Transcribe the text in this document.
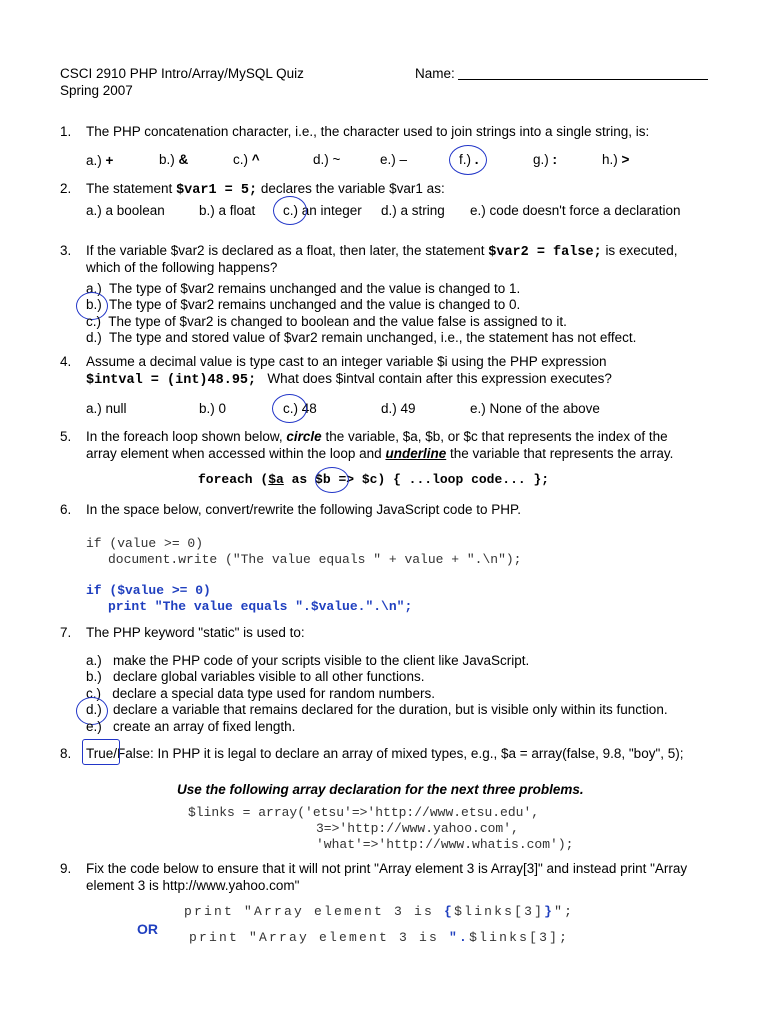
CSCI 2910 PHP Intro/Array/MySQL Quiz
Spring 2007
Name:
1. The PHP concatenation character, i.e., the character used to join strings into a single string, is:
a.) +	b.) &	c.) ^	d.) ~	e.) –	f.) .	g.) :	h.) >
2. The statement $var1 = 5; declares the variable $var1 as:
a.) a boolean	b.) a float c.) an integer d.) a string e.) code doesn't force a declaration
3. If the variable $var2 is declared as a float, then later, the statement $var2 = false; is executed,
which of the following happens?
a.) The type of $var2 remains unchanged and the value is changed to 1.
b.) The type of $var2 remains unchanged and the value is changed to 0.
c.) The type of $var2 is changed to boolean and the value false is assigned to it.
d.) The type and stored value of $var2 remain unchanged, i.e., the statement has not effect.
4. Assume a decimal value is type cast to an integer variable $i using the PHP expression
$intval = (int)48.95; What does $intval contain after this expression executes?
a.) null	b.) 0	c.) 48	d.) 49	e.) None of the above
5. In the foreach loop shown below, circle the variable, $a, $b, or $c that represents the index of the
array element when accessed within the loop and underline the variable that represents the array.
foreach ($a as $b => $c) { ...loop code... };
6. In the space below, convert/rewrite the following JavaScript code to PHP.
if (value >= 0)
document.write ("The value equals " + value + ".\n");
if ($value >= 0)
print "The value equals ".$value.".\n";
7. The PHP keyword "static" is used to:
a.) make the PHP code of your scripts visible to the client like JavaScript.
b.) declare global variables visible to all other functions.
c.) declare a special data type used for random numbers.
d.) declare a variable that remains declared for the duration, but is visible only within its function.
e.) create an array of fixed length.
8. True/False: In PHP it is legal to declare an array of mixed types, e.g., $a = array(false, 9.8, "boy", 5);
Use the following array declaration for the next three problems.
$links = array('etsu'=>'http://www.etsu.edu',
3=>'http://www.yahoo.com',
'what'=>'http://www.whatis.com');
9. Fix the code below to ensure that it will not print "Array element 3 is Array[3]" and instead print "Array
element 3 is http://www.yahoo.com"
print "Array element 3 is {$links[3]}";
OR
print "Array element 3 is ".$links[3];
